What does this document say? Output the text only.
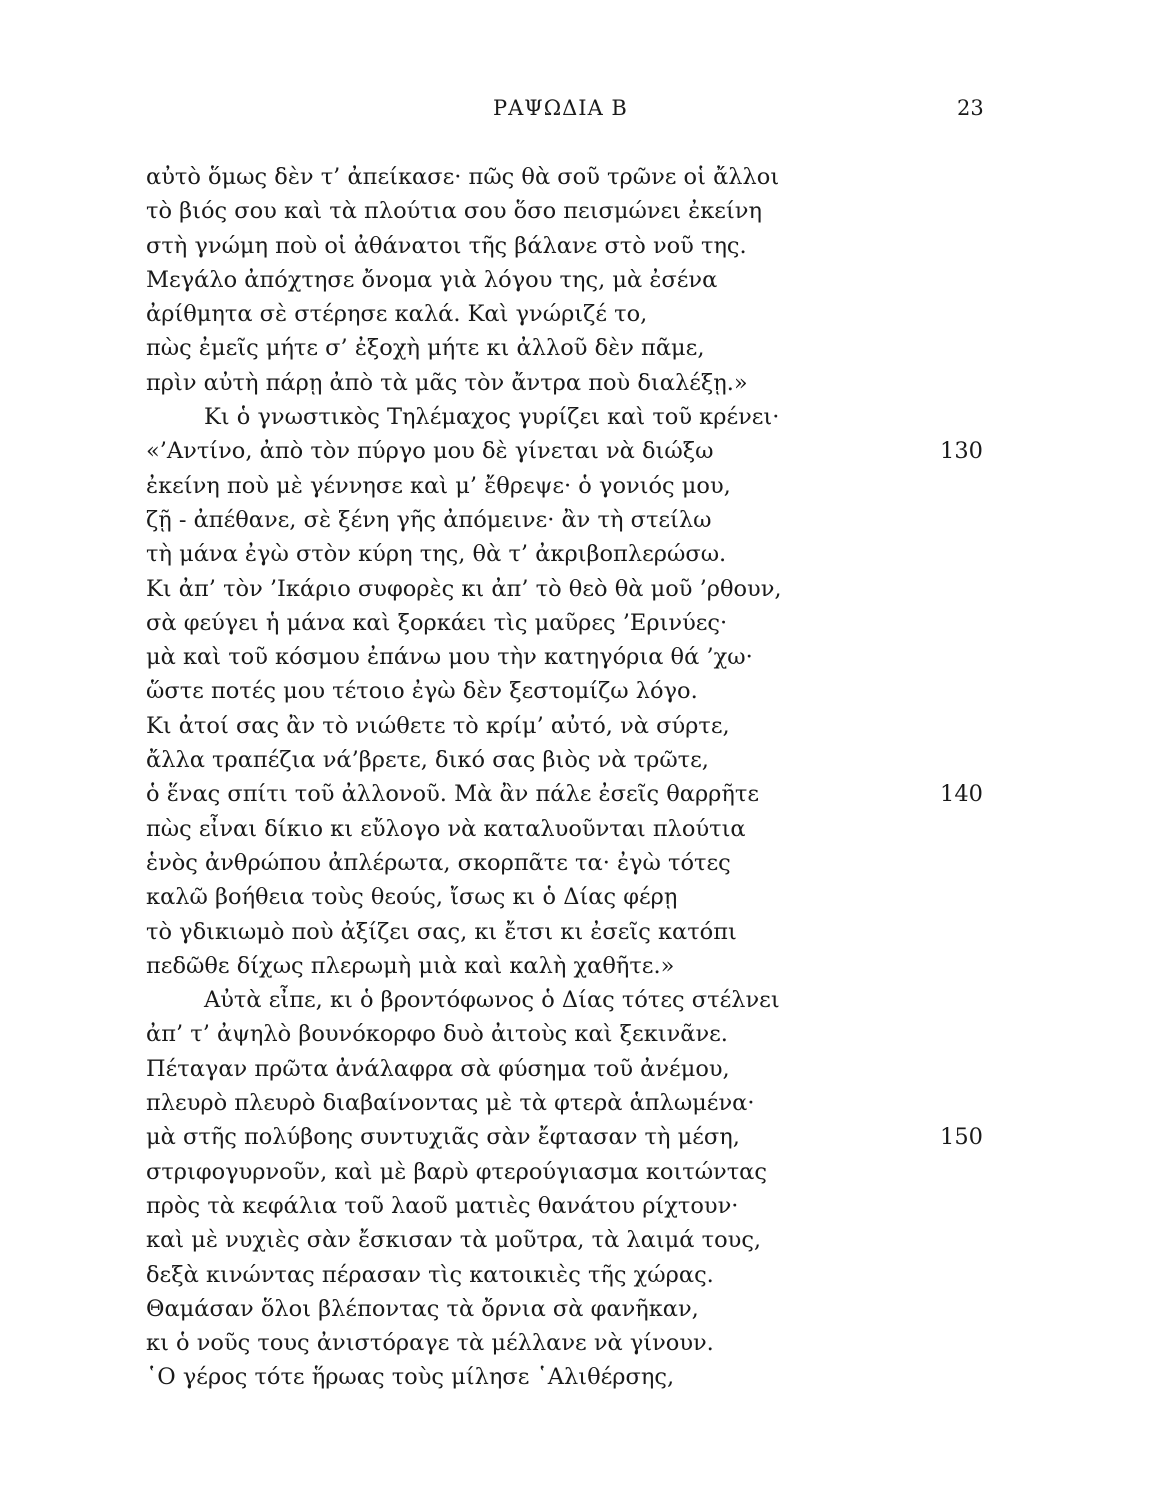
ΡΑΨΩΔΙΑ Β	23
αὐτὸ ὅμως δὲν τ’ ἀπείκασε· πῶς θὰ σοῦ τρῶνε οἱ ἄλλοι
τὸ βιός σου καὶ τὰ πλούτια σου ὅσο πεισμώνει ἐκείνη
στὴ γνώμη ποὺ οἱ ἀθάνατοι τῆς βάλανε στὸ νοῦ της.
Μεγάλο ἀπόχτησε ὄνομα γιὰ λόγου της, μὰ ἐσένα
ἀρίθμητα σὲ στέρησε καλά. Καὶ γνώριζέ το,
πὼς ἐμεῖς μήτε σ’ ἐξοχὴ μήτε κι ἀλλοῦ δὲν πᾶμε,
πρὶν αὐτὴ πάρῃ ἀπὸ τὰ μᾶς τὸν ἄντρα ποὺ διαλέξῃ.»
Κι ὁ γνωστικὸς Τηλέμαχος γυρίζει καὶ τοῦ κρένει·
«’Αντίνο, ἀπὸ τὸν πύργο μου δὲ γίνεται νὰ διώξω	130
ἐκείνη ποὺ μὲ γέννησε καὶ μ’ ἔθρεψε· ὁ γονιός μου,
ζῇ - ἀπέθανε, σὲ ξένη γῆς ἀπόμεινε· ἂν τὴ στείλω
τὴ μάνα ἐγὼ στὸν κύρη της, θὰ τ’ ἀκριβοπλερώσω.
Κι ἀπ’ τὸν ’Ικάριο συφορὲς κι ἀπ’ τὸ θεὸ θὰ μοῦ ’ρθουν,
σὰ φεύγει ἡ μάνα καὶ ξορκάει τὶς μαῦρες ’Ερινύες·
μὰ καὶ τοῦ κόσμου ἐπάνω μου τὴν κατηγόρια θά ’χω·
ὥστε ποτές μου τέτοιο ἐγὼ δὲν ξεστομίζω λόγο.
Κι ἀτοί σας ἂν τὸ νιώθετε τὸ κρίμ’ αὐτό, νὰ σύρτε,
ἄλλα τραπέζια νά’βρετε, δικό σας βιὸς νὰ τρῶτε,
ὁ ἕνας σπίτι τοῦ ἀλλονοῦ. Μὰ ἂν πάλε ἐσεῖς θαρρῆτε	140
πὼς εἶναι δίκιο κι εὔλογο νὰ καταλυοῦνται πλούτια
ἑνὸς ἀνθρώπου ἀπλέρωτα, σκορπᾶτε τα· ἐγὼ τότες
καλῶ βοήθεια τοὺς θεούς, ἴσως κι ὁ Δίας φέρῃ
τὸ γδικιωμὸ ποὺ ἀξίζει σας, κι ἔτσι κι ἐσεῖς κατόπι
πεδῶθε δίχως πλερωμὴ μιὰ καὶ καλὴ χαθῆτε.»
Αὐτὰ εἶπε, κι ὁ βροντόφωνος ὁ Δίας τότες στέλνει
ἀπ’ τ’ ἀψηλὸ βουνόκορφο δυὸ ἀιτοὺς καὶ ξεκινᾶνε.
Πέταγαν πρῶτα ἀνάλαφρα σὰ φύσημα τοῦ ἀνέμου,
πλευρὸ πλευρὸ διαβαίνοντας μὲ τὰ φτερὰ ἁπλωμένα·
μὰ στῆς πολύβοης συντυχιᾶς σὰν ἔφτασαν τὴ μέση,	150
στριφογυρνοῦν, καὶ μὲ βαρὺ φτερούγιασμα κοιτώντας
πρὸς τὰ κεφάλια τοῦ λαοῦ ματιὲς θανάτου ρίχτουν·
καὶ μὲ νυχιὲς σὰν ἔσκισαν τὰ μοῦτρα, τὰ λαιμά τους,
δεξὰ κινώντας πέρασαν τὶς κατοικιὲς τῆς χώρας.
Θαμάσαν ὅλοι βλέποντας τὰ ὄρνια σὰ φανῆκαν,
κι ὁ νοῦς τους ἀνιστόραγε τὰ μέλλανε νὰ γίνουν.
῾Ο γέρος τότε ἥρωας τοὺς μίλησε ῾Αλιθέρσης,
